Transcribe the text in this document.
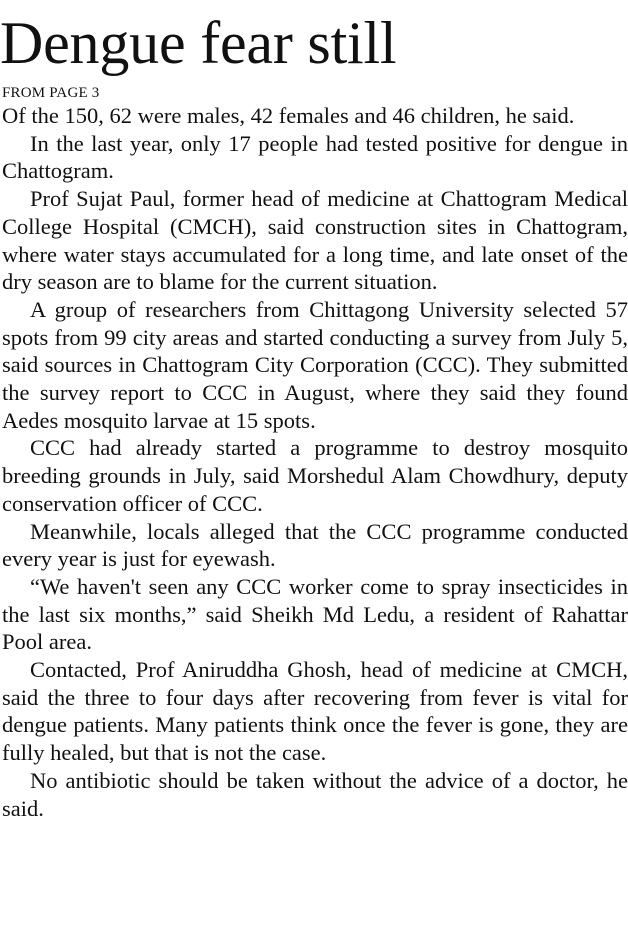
Dengue fear still
FROM PAGE 3

Of the 150, 62 were males, 42 females and 46 children, he said.

In the last year, only 17 people had tested positive for dengue in Chattogram.

Prof Sujat Paul, former head of medicine at Chattogram Medical College Hospital (CMCH), said construction sites in Chattogram, where water stays accumulated for a long time, and late onset of the dry season are to blame for the current situation.

A group of researchers from Chittagong University selected 57 spots from 99 city areas and started conducting a survey from July 5, said sources in Chattogram City Corporation (CCC). They submitted the survey report to CCC in August, where they said they found Aedes mosquito larvae at 15 spots.

CCC had already started a programme to destroy mosquito breeding grounds in July, said Morshedul Alam Chowdhury, deputy conservation officer of CCC.

Meanwhile, locals alleged that the CCC programme conducted every year is just for eyewash.

“We haven't seen any CCC worker come to spray insecticides in the last six months,” said Sheikh Md Ledu, a resident of Rahattar Pool area.

Contacted, Prof Aniruddha Ghosh, head of medicine at CMCH, said the three to four days after recovering from fever is vital for dengue patients. Many patients think once the fever is gone, they are fully healed, but that is not the case.

No antibiotic should be taken without the advice of a doctor, he said.
